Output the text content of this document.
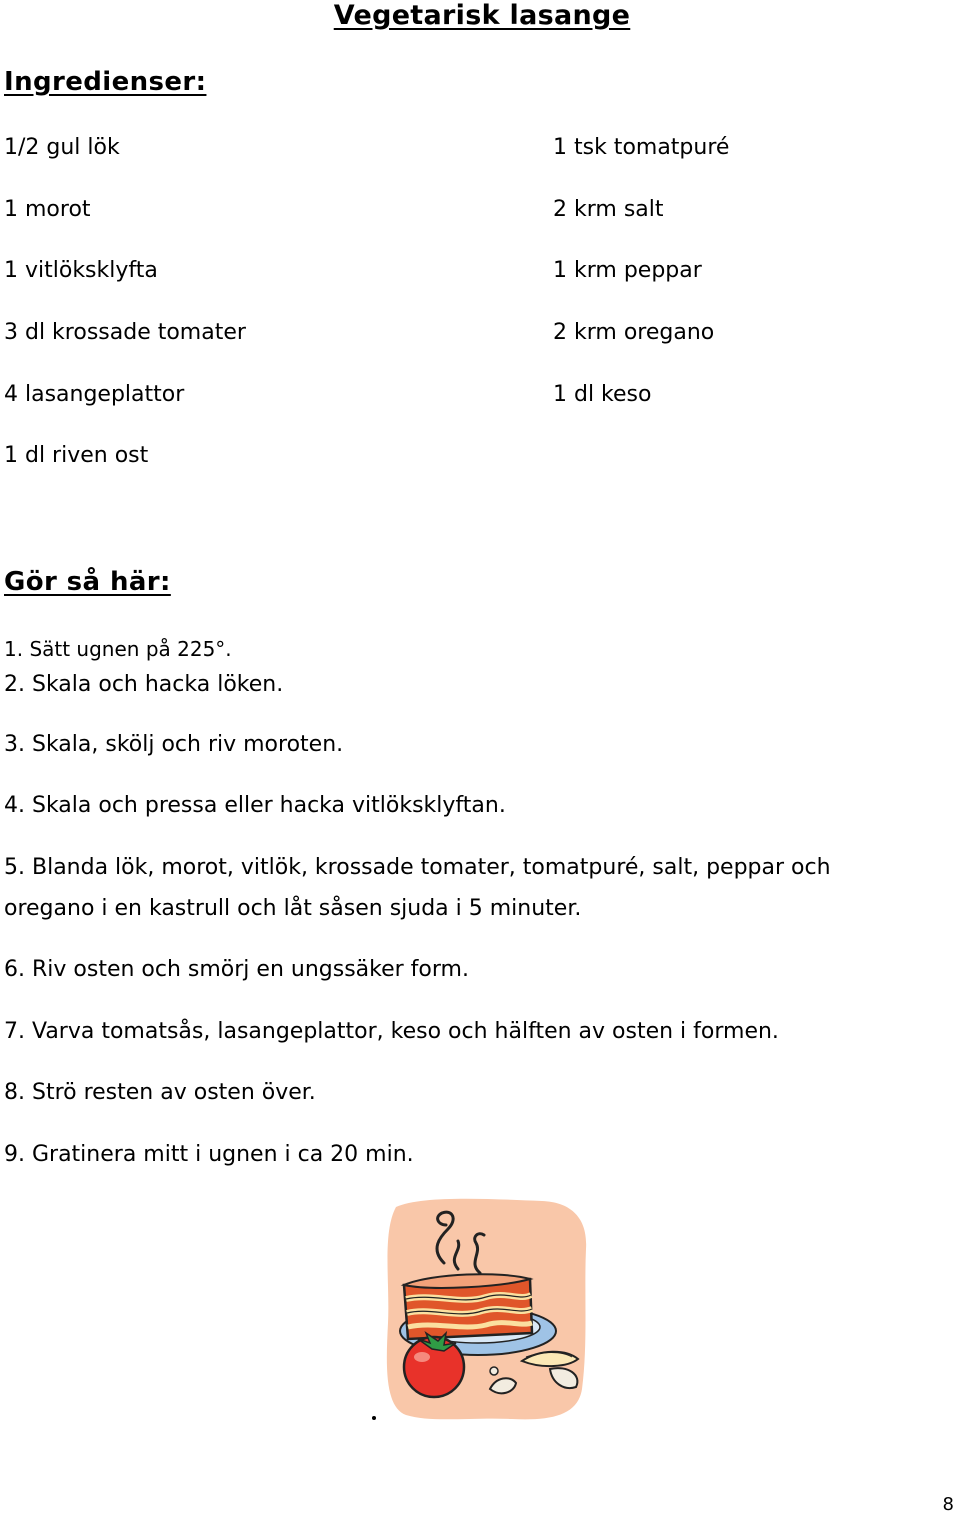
Vegetarisk lasange
Ingredienser:
1/2 gul lök
1 morot
1 vitlöksklyfta
3 dl krossade tomater
4 lasangeplattor
1 dl riven ost
1 tsk tomatpuré
2 krm salt
1 krm peppar
2 krm oregano
1 dl keso
Gör så här:
1. Sätt ugnen på 225°.
2. Skala och hacka löken.
3. Skala, skölj och riv moroten.
4. Skala och pressa eller hacka vitlöksklyftan.
5. Blanda lök, morot, vitlök, krossade tomater, tomatpuré, salt, peppar och
oregano i en kastrull och låt såsen sjuda i 5 minuter.
6. Riv osten och smörj en ungssäker form.
7. Varva tomatsås, lasangeplattor, keso och hälften av osten i formen.
8. Strö resten av osten över.
9. Gratinera mitt i ugnen i ca 20 min.
8
